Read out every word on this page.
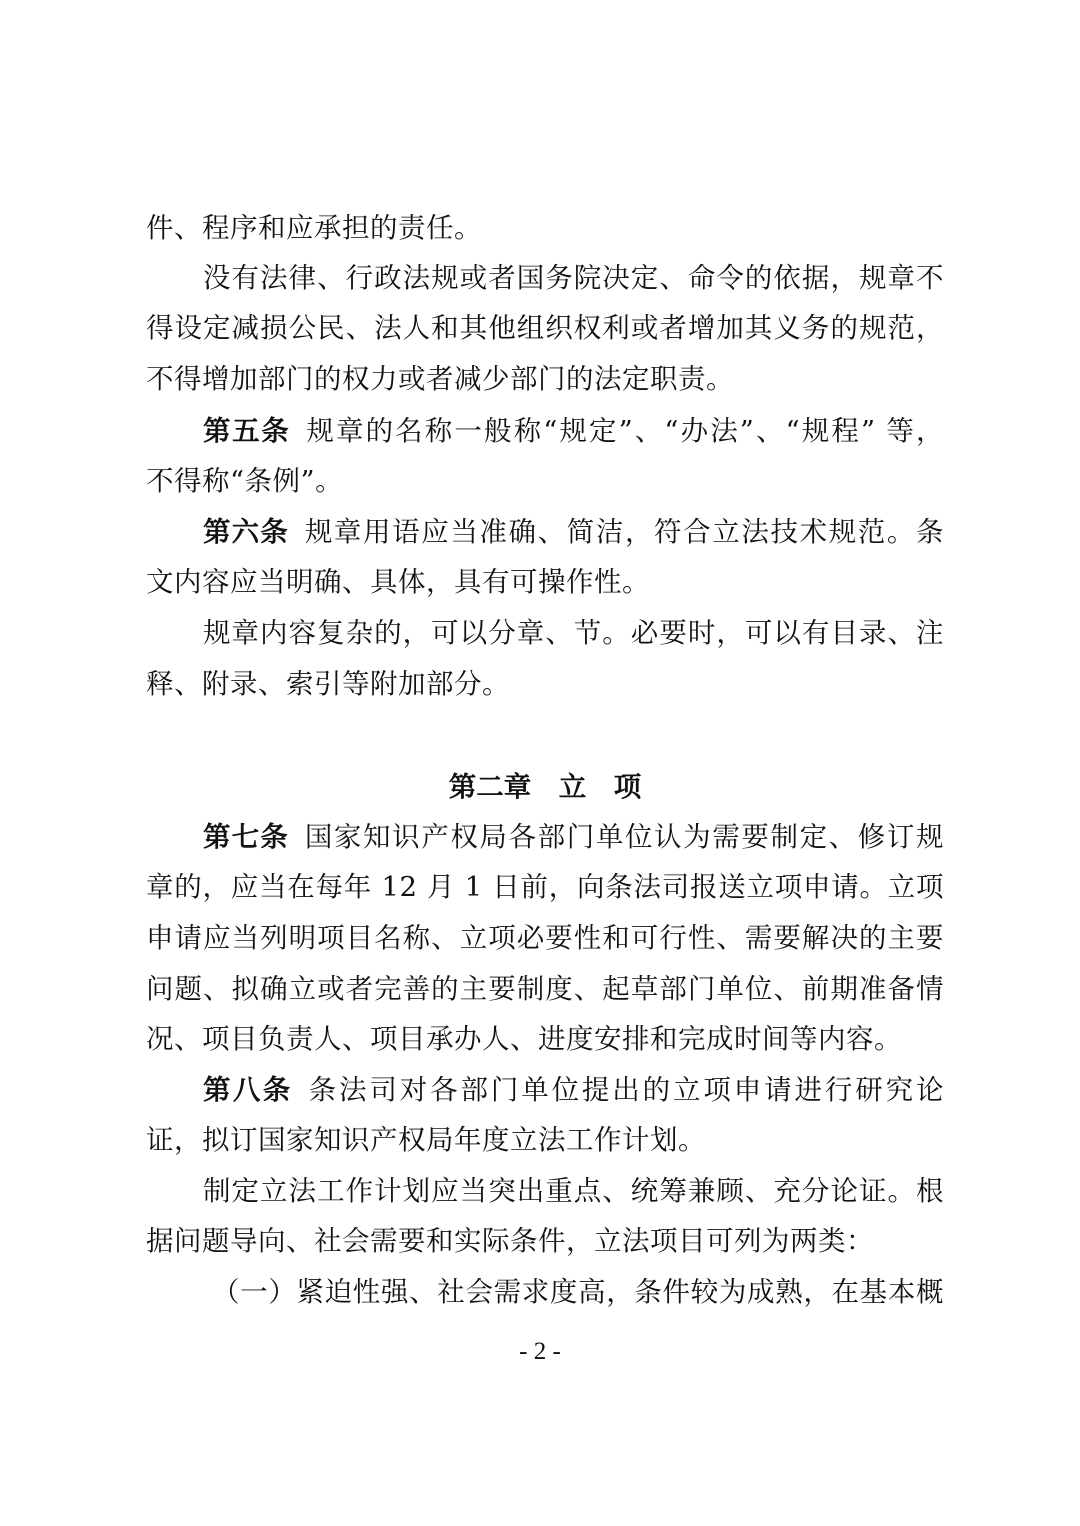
件、程序和应承担的责任。
没有法律、行政法规或者国务院决定、命令的依据，规章不
得设定减损公民、法人和其他组织权利或者增加其义务的规范，
不得增加部门的权力或者减少部门的法定职责。
第五条 规章的名称一般称“规定”、“办法”、“规程” 等，
不得称“条例”。
第六条 规章用语应当准确、简洁，符合立法技术规范。条
文内容应当明确、具体，具有可操作性。
规章内容复杂的，可以分章、节。必要时，可以有目录、注
释、附录、索引等附加部分。
第二章　立　项
第七条 国家知识产权局各部门单位认为需要制定、修订规
章的，应当在每年 12 月 1 日前，向条法司报送立项申请。立项
申请应当列明项目名称、立项必要性和可行性、需要解决的主要
问题、拟确立或者完善的主要制度、起草部门单位、前期准备情
况、项目负责人、项目承办人、进度安排和完成时间等内容。
第八条 条法司对各部门单位提出的立项申请进行研究论
证，拟订国家知识产权局年度立法工作计划。
制定立法工作计划应当突出重点、统筹兼顾、充分论证。根
据问题导向、社会需要和实际条件，立法项目可列为两类：
（一）紧迫性强、社会需求度高，条件较为成熟，在基本概
- 2 -
